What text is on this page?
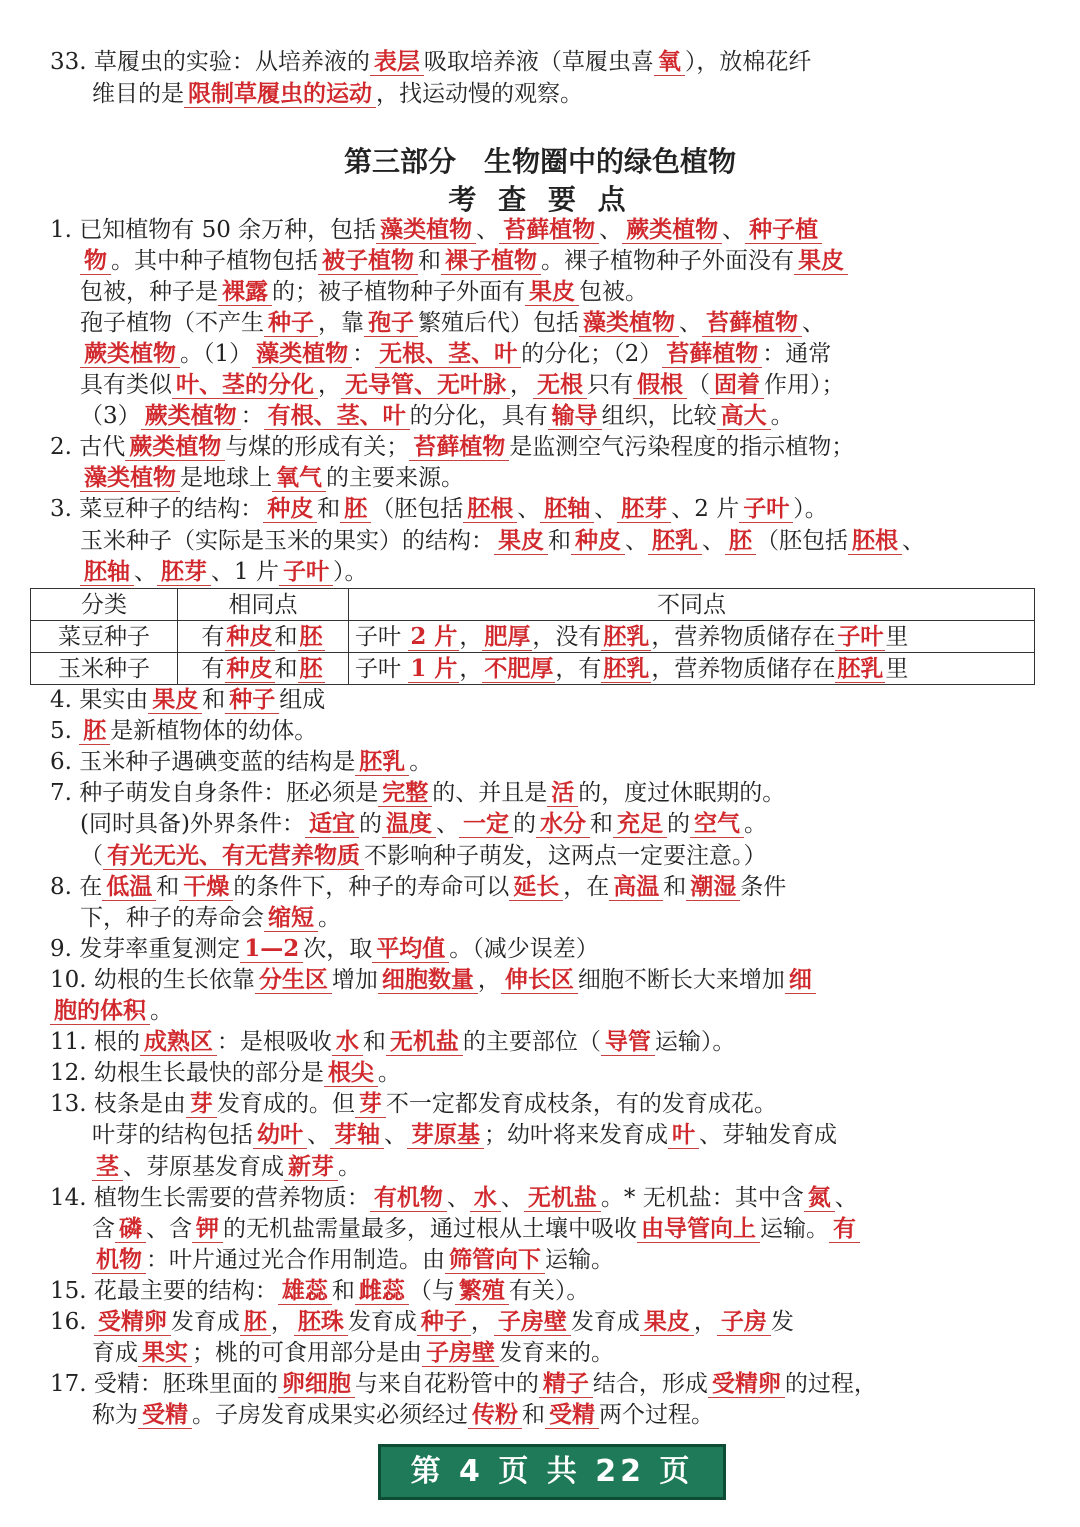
第三部分　生物圈中的绿色植物
考 查 要 点
33. 草履虫的实验：从培养液的 表层 吸取培养液（草履虫喜 氧 ），放棉花纤
维目的是 限制草履虫的运动 ，找运动慢的观察。
1. 已知植物有 50 余万种，包括 藻类植物 、 苔藓植物 、 蕨类植物 、 种子植
物 。其中种子植物包括 被子植物 和 裸子植物 。裸子植物种子外面没有 果皮
包被，种子是 裸露 的；被子植物种子外面有 果皮 包被。
孢子植物（不产生 种子 ，靠 孢子 繁殖后代）包括 藻类植物 、 苔藓植物 、
蕨类植物 。（1） 藻类植物 ： 无根、茎、叶 的分化；（2） 苔藓植物 ：通常
具有类似 叶、茎的分化 ， 无导管、无叶脉 ， 无根 只有 假根 （ 固着 作用）；
（3） 蕨类植物 ： 有根、茎、叶 的分化，具有 输导 组织，比较 高大 。
2. 古代 蕨类植物 与煤的形成有关； 苔藓植物 是监测空气污染程度的指示植物；
藻类植物 是地球上 氧气 的主要来源。
3. 菜豆种子的结构： 种皮 和 胚 （胚包括 胚根 、 胚轴 、 胚芽 、2 片 子叶 ）。
玉米种子（实际是玉米的果实）的结构： 果皮 和 种皮 、 胚乳 、 胚 （胚包括 胚根 、
胚轴 、 胚芽 、1 片 子叶 ）。
4. 果实由 果皮 和 种子 组成
5. 胚 是新植物体的幼体。
6. 玉米种子遇碘变蓝的结构是 胚乳 。
7. 种子萌发自身条件：胚必须是 完整 的、并且是 活 的，度过休眠期的。
(同时具备)外界条件： 适宜 的 温度 、 一定 的 水分 和 充足 的 空气 。
（ 有光无光、有无营养物质 不影响种子萌发，这两点一定要注意。）
8. 在 低温 和 干燥 的条件下，种子的寿命可以 延长 ，在 高温 和 潮湿 条件
下，种子的寿命会 缩短 。
9. 发芽率重复测定 1—2 次，取 平均值 。（减少误差）
10. 幼根的生长依靠 分生区 增加 细胞数量 ， 伸长区 细胞不断长大来增加 细
胞的体积 。
11. 根的 成熟区 ：是根吸收 水 和 无机盐 的主要部位（ 导管 运输）。
12. 幼根生长最快的部分是 根尖 。
13. 枝条是由 芽 发育成的。但 芽 不一定都发育成枝条，有的发育成花。
叶芽的结构包括 幼叶 、 芽轴 、 芽原基 ；幼叶将来发育成 叶 、芽轴发育成
茎 、芽原基发育成 新芽 。
14. 植物生长需要的营养物质： 有机物 、 水 、 无机盐 。* 无机盐：其中含 氮 、
含 磷 、含 钾 的无机盐需量最多，通过根从土壤中吸收 由导管向上 运输。 有
机物 ：叶片通过光合作用制造。由 筛管向下 运输。
15. 花最主要的结构： 雄蕊 和 雌蕊 （与 繁殖 有关）。
16. 受精卵 发育成 胚 ， 胚珠 发育成 种子 ， 子房壁 发育成 果皮 ， 子房 发
育成 果实 ；桃的可食用部分是由 子房壁 发育来的。
17. 受精：胚珠里面的 卵细胞 与来自花粉管中的 精子 结合，形成 受精卵 的过程，
称为 受精 。子房发育成果实必须经过 传粉 和 受精 两个过程。
分类	相同点	不同点
菜豆种子	有种皮和胚	子叶 2 片，肥厚，没有胚乳，营养物质储存在子叶里
玉米种子	有种皮和胚	子叶 1 片，不肥厚，有胚乳，营养物质储存在胚乳里
第 4 页 共 22 页
